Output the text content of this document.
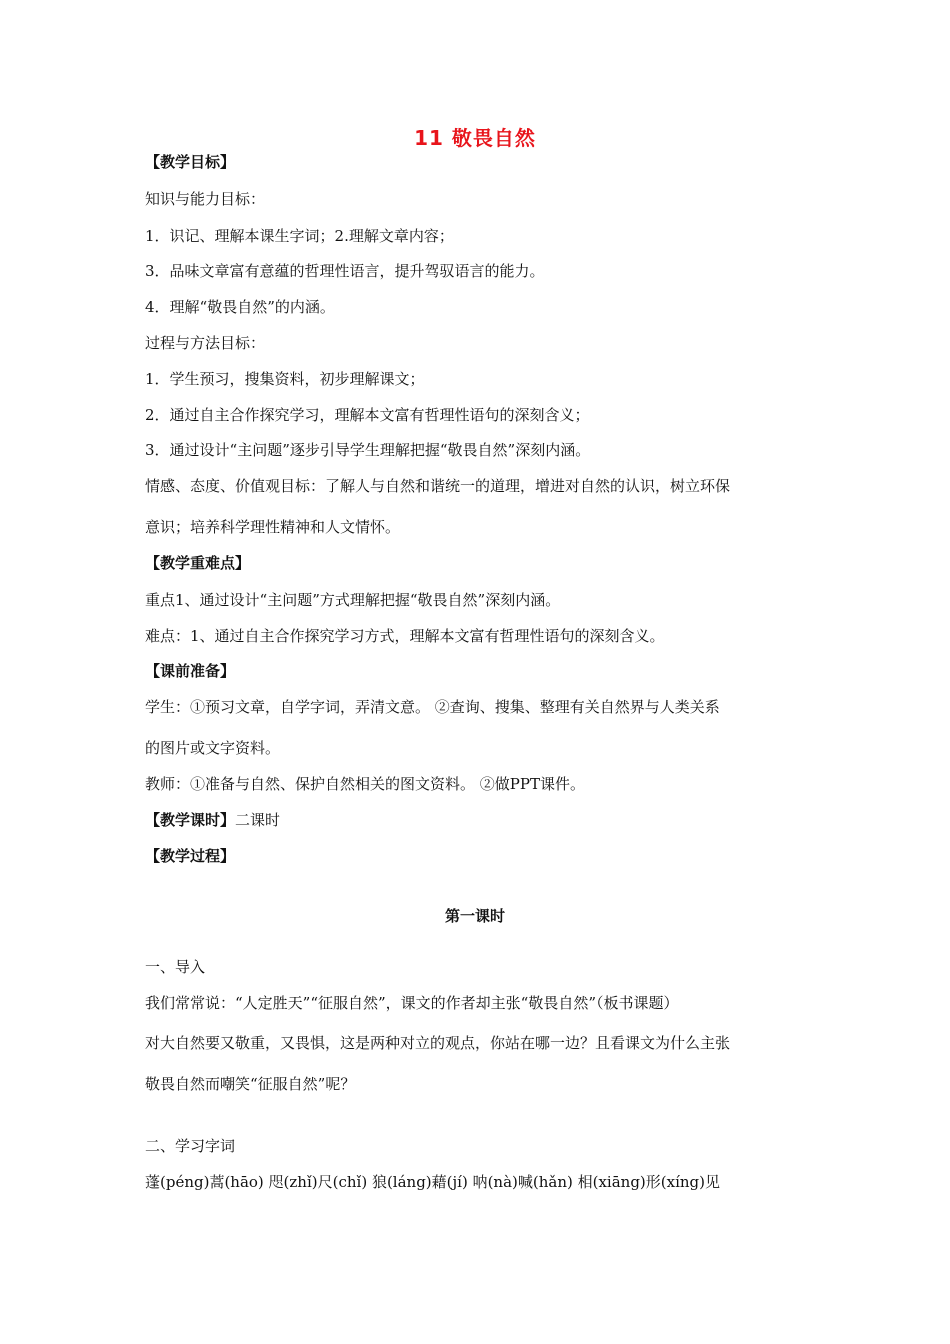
11 敬畏自然
【教学目标】
知识与能力目标：
1．识记、理解本课生字词；2.理解文章内容；
3．品味文章富有意蕴的哲理性语言，提升驾驭语言的能力。
4．理解“敬畏自然”的内涵。
过程与方法目标：
1．学生预习，搜集资料，初步理解课文；
2．通过自主合作探究学习，理解本文富有哲理性语句的深刻含义；
3．通过设计“主问题”逐步引导学生理解把握“敬畏自然”深刻内涵。
情感、态度、价值观目标：了解人与自然和谐统一的道理，增进对自然的认识，树立环保
意识；培养科学理性精神和人文情怀。
【教学重难点】
重点1、通过设计“主问题”方式理解把握“敬畏自然”深刻内涵。
难点：1、通过自主合作探究学习方式，理解本文富有哲理性语句的深刻含义。
【课前准备】
学生：①预习文章，自学字词，弄清文意。 ②查询、搜集、整理有关自然界与人类关系
的图片或文字资料。
教师：①准备与自然、保护自然相关的图文资料。 ②做PPT课件。
【教学课时】二课时
【教学过程】
第一课时
一、导入
我们常常说：“人定胜天”“征服自然”，课文的作者却主张“敬畏自然”（板书课题）
对大自然要又敬重，又畏惧，这是两种对立的观点，你站在哪一边？且看课文为什么主张
敬畏自然而嘲笑“征服自然”呢？
二、学习字词
蓬(péng)蒿(hāo) 咫(zhǐ)尺(chǐ) 狼(láng)藉(jí) 呐(nà)喊(hǎn) 相(xiāng)形(xíng)见
